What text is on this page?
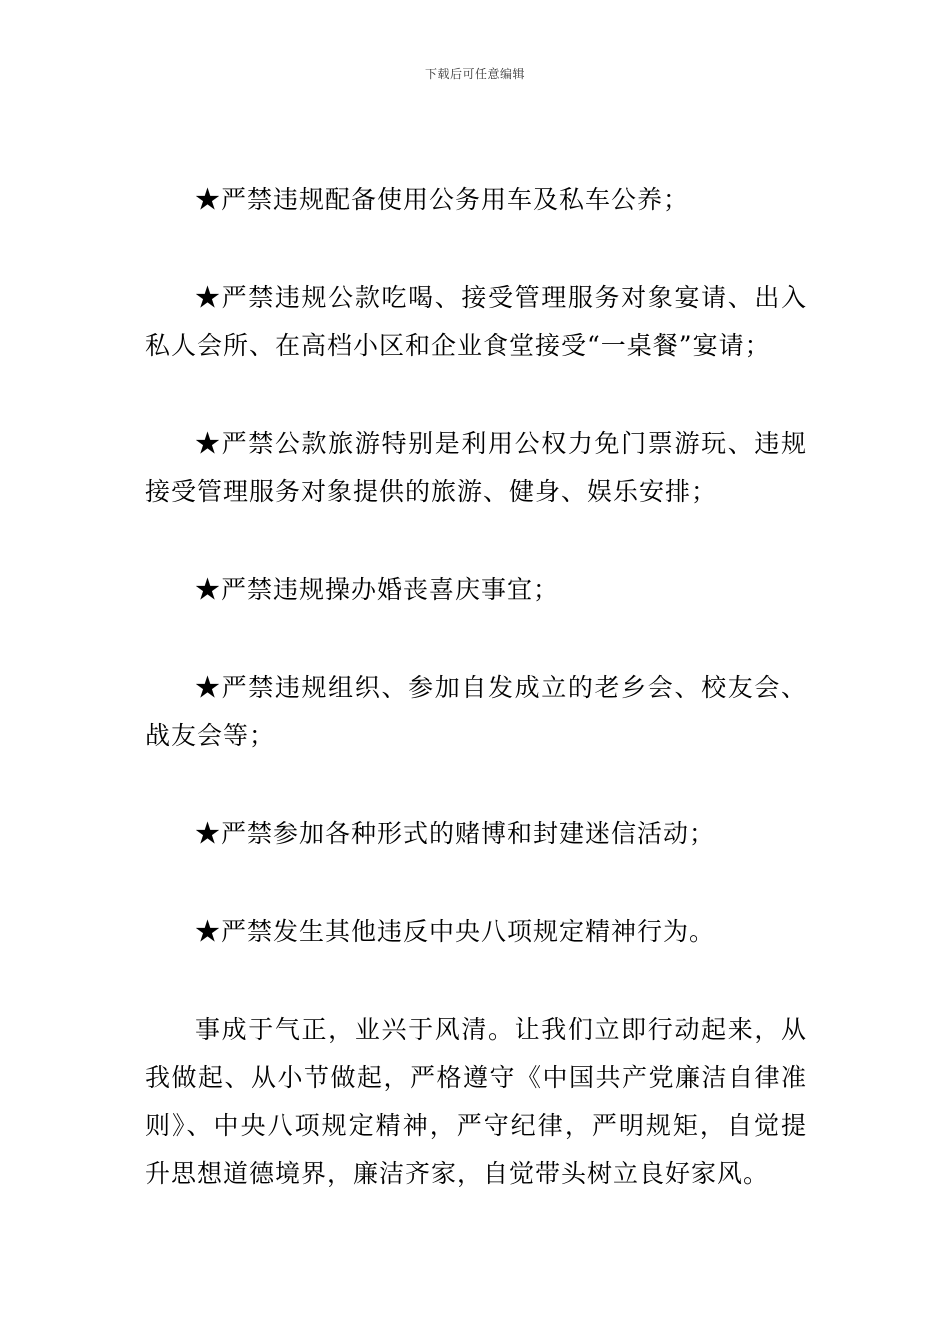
下载后可任意编辑

★严禁违规配备使用公务用车及私车公养；

★严禁违规公款吃喝、接受管理服务对象宴请、出入私人会所、在高档小区和企业食堂接受“一桌餐”宴请；

★严禁公款旅游特别是利用公权力免门票游玩、违规接受管理服务对象提供的旅游、健身、娱乐安排；

★严禁违规操办婚丧喜庆事宜；

★严禁违规组织、参加自发成立的老乡会、校友会、战友会等；

★严禁参加各种形式的赌博和封建迷信活动；

★严禁发生其他违反中央八项规定精神行为。

事成于气正，业兴于风清。让我们立即行动起来，从我做起、从小节做起，严格遵守《中国共产党廉洁自律准则》、中央八项规定精神，严守纪律，严明规矩，自觉提升思想道德境界，廉洁齐家，自觉带头树立良好家风。
